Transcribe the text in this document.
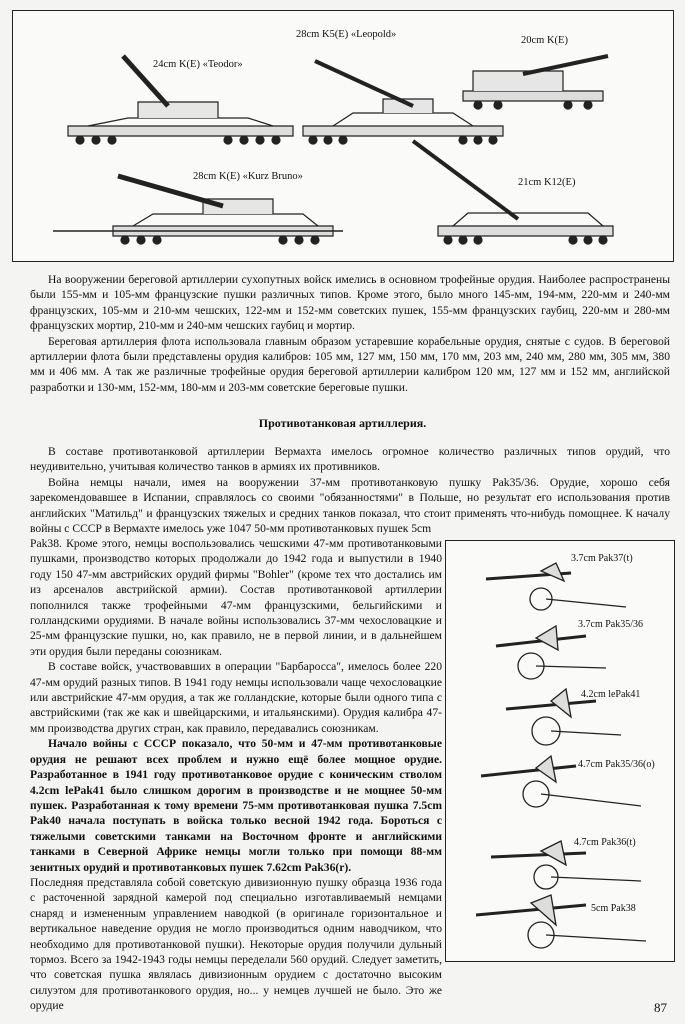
24cm K(E) «Teodor»
28cm K5(E) «Leopold»
20cm K(E)
28cm K(E) «Kurz Bruno»
21cm K12(E)

На вооружении береговой артиллерии сухопутных войск имелись в основном трофейные орудия. Наиболее распространены были 155-мм и 105-мм французские пушки различных типов. Кроме этого, было много 145-мм, 194-мм, 220-мм и 240-мм французских, 105-мм и 210-мм чешских, 122-мм и 152-мм советских пушек, 155-мм французских гаубиц, 220-мм и 280-мм французских мортир, 210-мм и 240-мм чешских гаубиц и мортир.

Береговая артиллерия флота использовала главным образом устаревшие корабельные орудия, снятые с судов. В береговой артиллерии флота были представлены орудия калибров: 105 мм, 127 мм, 150 мм, 170 мм, 203 мм, 240 мм, 280 мм, 305 мм, 380 мм и 406 мм. А так же различные трофейные орудия береговой артиллерии калибром 120 мм, 127 мм и 152 мм, английской разработки и 130-мм, 152-мм, 180-мм и 203-мм советские береговые пушки.

Противотанковая артиллерия.

В составе противотанковой артиллерии Вермахта имелось огромное количество различных типов орудий, что неудивительно, учитывая количество танков в армиях их противников.

Война немцы начали, имея на вооружении 37-мм противотанковую пушку Pak35/36. Орудие, хорошо себя зарекомендовавшее в Испании, справлялось со своими "обязанностями" в Польше, но результат его использования против английских "Матильд" и французских тяжелых и средних танков показал, что стоит применять что-нибудь помощнее. К началу войны с СССР в Вермахте имелось уже 1047 50-мм противотанковых пушек 5cm

Pak38. Кроме этого, немцы воспользовались чешскими 47-мм противотанковыми пушками, производство которых продолжали до 1942 года и выпустили в 1940 году 150 47-мм австрийских орудий фирмы "Bohler" (кроме тех что достались им из арсеналов австрийской армии). Состав противотанковой артиллерии пополнился также трофейными 47-мм французскими, бельгийскими и голландскими орудиями. В начале войны использовались 37-мм чехословацкие и 25-мм французские пушки, но, как правило, не в первой линии, и в дальнейшем эти орудия были переданы союзникам.

В составе войск, участвовавших в операции "Барбаросса", имелось более 220 47-мм орудий разных типов. В 1941 году немцы использовали чаще чехословацкие или австрийские 47-мм орудия, а так же голландские, которые были одного типа с австрийскими (так же как и швейцарскими, и итальянскими). Орудия калибра 47-мм производства других стран, как правило, передавались союзникам.

Начало войны с СССР показало, что 50-мм и 47-мм противотанковые орудия не решают всех проблем и нужно ещё более мощное орудие. Разработанное в 1941 году противотанковое орудие с коническим стволом 4.2cm lePak41 было слишком дорогим в производстве и не мощнее 50-мм пушек. Разработанная к тому времени 75-мм противотанковая пушка 7.5cm Pak40 начала поступать в войска только весной 1942 года. Бороться с тяжелыми советскими танками на Восточном фронте и английскими танками в Северной Африке немцы могли только при помощи 88-мм зенитных орудий и противотанковых пушек 7.62cm Pak36(r).

Последняя представляла собой советскую дивизионную пушку образца 1936 года с расточенной зарядной камерой под специально изготавливаемый немцами снаряд и измененным управлением наводкой (в оригинале горизонтальное и вертикальное наведение орудия не могло производиться одним наводчиком, что необходимо для противотанковой пушки). Некоторые орудия получили дульный тормоз. Всего за 1942-1943 годы немцы переделали 560 орудий. Следует заметить, что советская пушка являлась дивизионным орудием с достаточно высоким силуэтом для противотанкового орудия, но... у немцев лучшей не было. Это же орудие

3.7cm Pak37(t)
3.7cm Pak35/36
4.2cm lePak41
4.7cm Pak35/36(o)
4.7cm Pak36(t)
5cm Pak38
87
